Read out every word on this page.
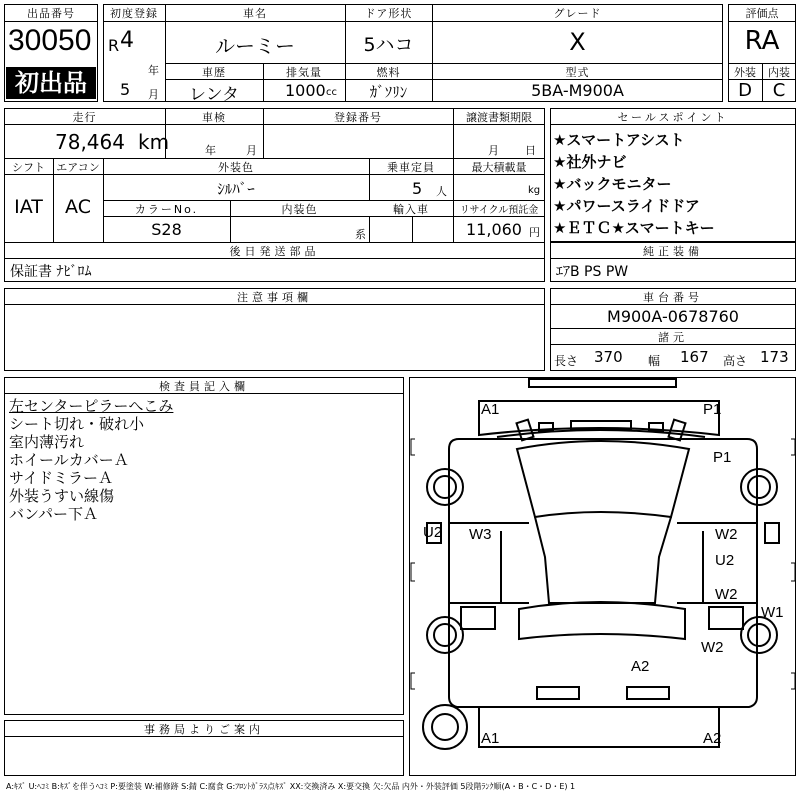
出品番号
30050
初出品
初度登録
R 4
年
5 月
車名
ルーミー
車歴
レンタ
排気量
1000 cc
ドア形状
5ハコ
燃料
ｶﾞｿﾘﾝ
グレード
X
型式
5BA-M900A
評価点
RA
外装	内装
D	C
走行
78,464 km
車検
年	月
登録番号	譲渡書類期限
月 日
シフト
IAT
エアコン
AC
外装色
ｼﾙﾊﾞｰ
乗車定員
5 人
最大積載量
kg
カラーNo.
S28
内装色
系
輸入車	リサイクル預託金
11,060 円
後日発送部品
保証書 ﾅﾋﾞﾛﾑ
セールスポイント
★スマートアシスト
★社外ナビ
★バックモニター
★パワースライドドア
★ＥＴＣ★スマートキー
純正装備
ｴｱB PS PW
注意事項欄	車台番号
M900A-0678760
諸元
長さ 370 幅 167 高さ 173
検査員記入欄
左センターピラーへこみ
シート切れ・破れ小
室内薄汚れ
ホイールカバーＡ
サイドミラーＡ
外装うすい線傷
バンパー下Ａ
事務局よりご案内
A1	P1
P1
U2 W3	W2
U2
W2
W1
W2
A2
A1	A2
A:ｷｽﾞ U:ﾍｺﾐ B:ｷｽﾞを伴うﾍｺﾐ P:要塗装 W:補修跡 S:錆 C:腐食 G:ﾌﾛﾝﾄｶﾞﾗｽ点ｷｽﾞ XX:交換済み X:要交換 欠:欠品 内外・外装評価 5段階ﾗﾝｸ順(A・B・C・D・E) 1
